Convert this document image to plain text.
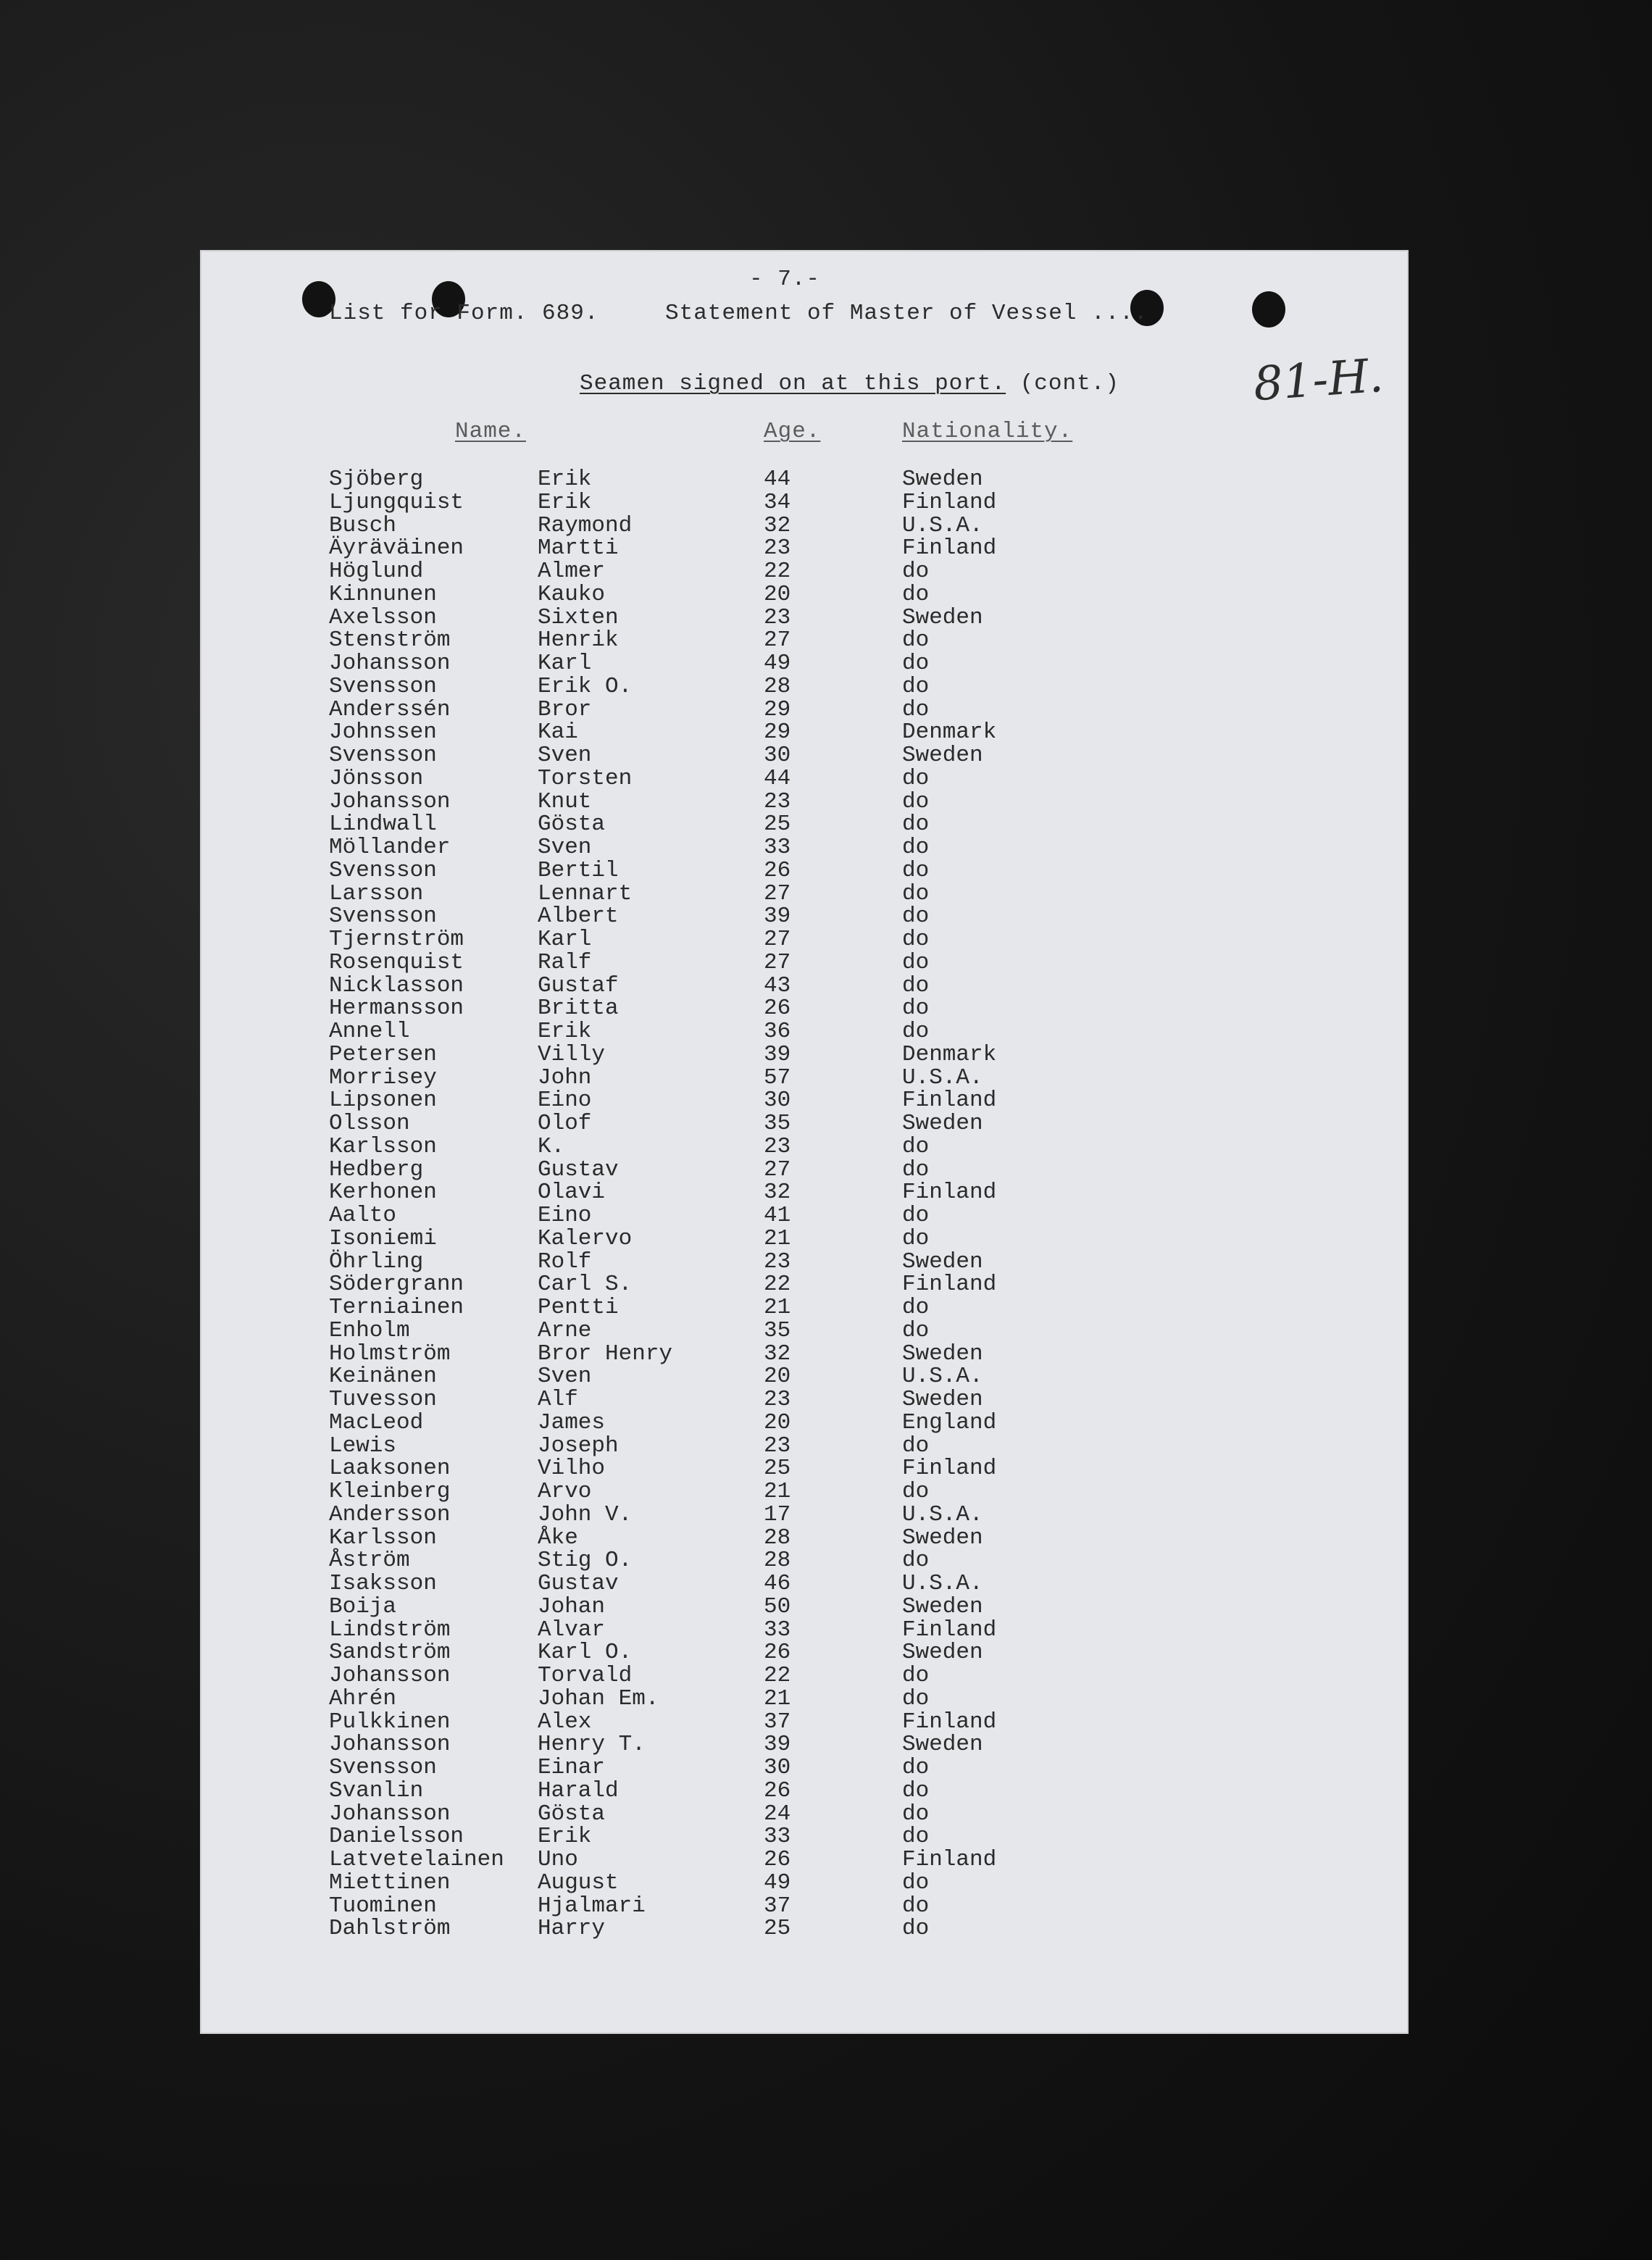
- 7.-
List for Form. 689.	Statement of Master of Vessel ....
81-H.
Seamen signed on at this port. (cont.)
Name.	Age.	Nationality.
Sjöberg	Erik	44	Sweden
Ljungquist	Erik	34	Finland
Busch	Raymond	32	U.S.A.
Äyräväinen	Martti	23	Finland
Höglund	Almer	22	do
Kinnunen	Kauko	20	do
Axelsson	Sixten	23	Sweden
Stenström	Henrik	27	do
Johansson	Karl	49	do
Svensson	Erik O.	28	do
Anderssén	Bror	29	do
Johnssen	Kai	29	Denmark
Svensson	Sven	30	Sweden
Jönsson	Torsten	44	do
Johansson	Knut	23	do
Lindwall	Gösta	25	do
Möllander	Sven	33	do
Svensson	Bertil	26	do
Larsson	Lennart	27	do
Svensson	Albert	39	do
Tjernström	Karl	27	do
Rosenquist	Ralf	27	do
Nicklasson	Gustaf	43	do
Hermansson	Britta	26	do
Annell	Erik	36	do
Petersen	Villy	39	Denmark
Morrisey	John	57	U.S.A.
Lipsonen	Eino	30	Finland
Olsson	Olof	35	Sweden
Karlsson	K.	23	do
Hedberg	Gustav	27	do
Kerhonen	Olavi	32	Finland
Aalto	Eino	41	do
Isoniemi	Kalervo	21	do
Öhrling	Rolf	23	Sweden
Södergrann	Carl S.	22	Finland
Terniainen	Pentti	21	do
Enholm	Arne	35	do
Holmström	Bror Henry	32	Sweden
Keinänen	Sven	20	U.S.A.
Tuvesson	Alf	23	Sweden
MacLeod	James	20	England
Lewis	Joseph	23	do
Laaksonen	Vilho	25	Finland
Kleinberg	Arvo	21	do
Andersson	John V.	17	U.S.A.
Karlsson	Åke	28	Sweden
Åström	Stig O.	28	do
Isaksson	Gustav	46	U.S.A.
Boija	Johan	50	Sweden
Lindström	Alvar	33	Finland
Sandström	Karl O.	26	Sweden
Johansson	Torvald	22	do
Ahrén	Johan Em.	21	do
Pulkkinen	Alex	37	Finland
Johansson	Henry T.	39	Sweden
Svensson	Einar	30	do
Svanlin	Harald	26	do
Johansson	Gösta	24	do
Danielsson	Erik	33	do
Latvetelainen Uno	26	Finland
Miettinen	August	49	do
Tuominen	Hjalmari	37	do
Dahlström	Harry	25	do
